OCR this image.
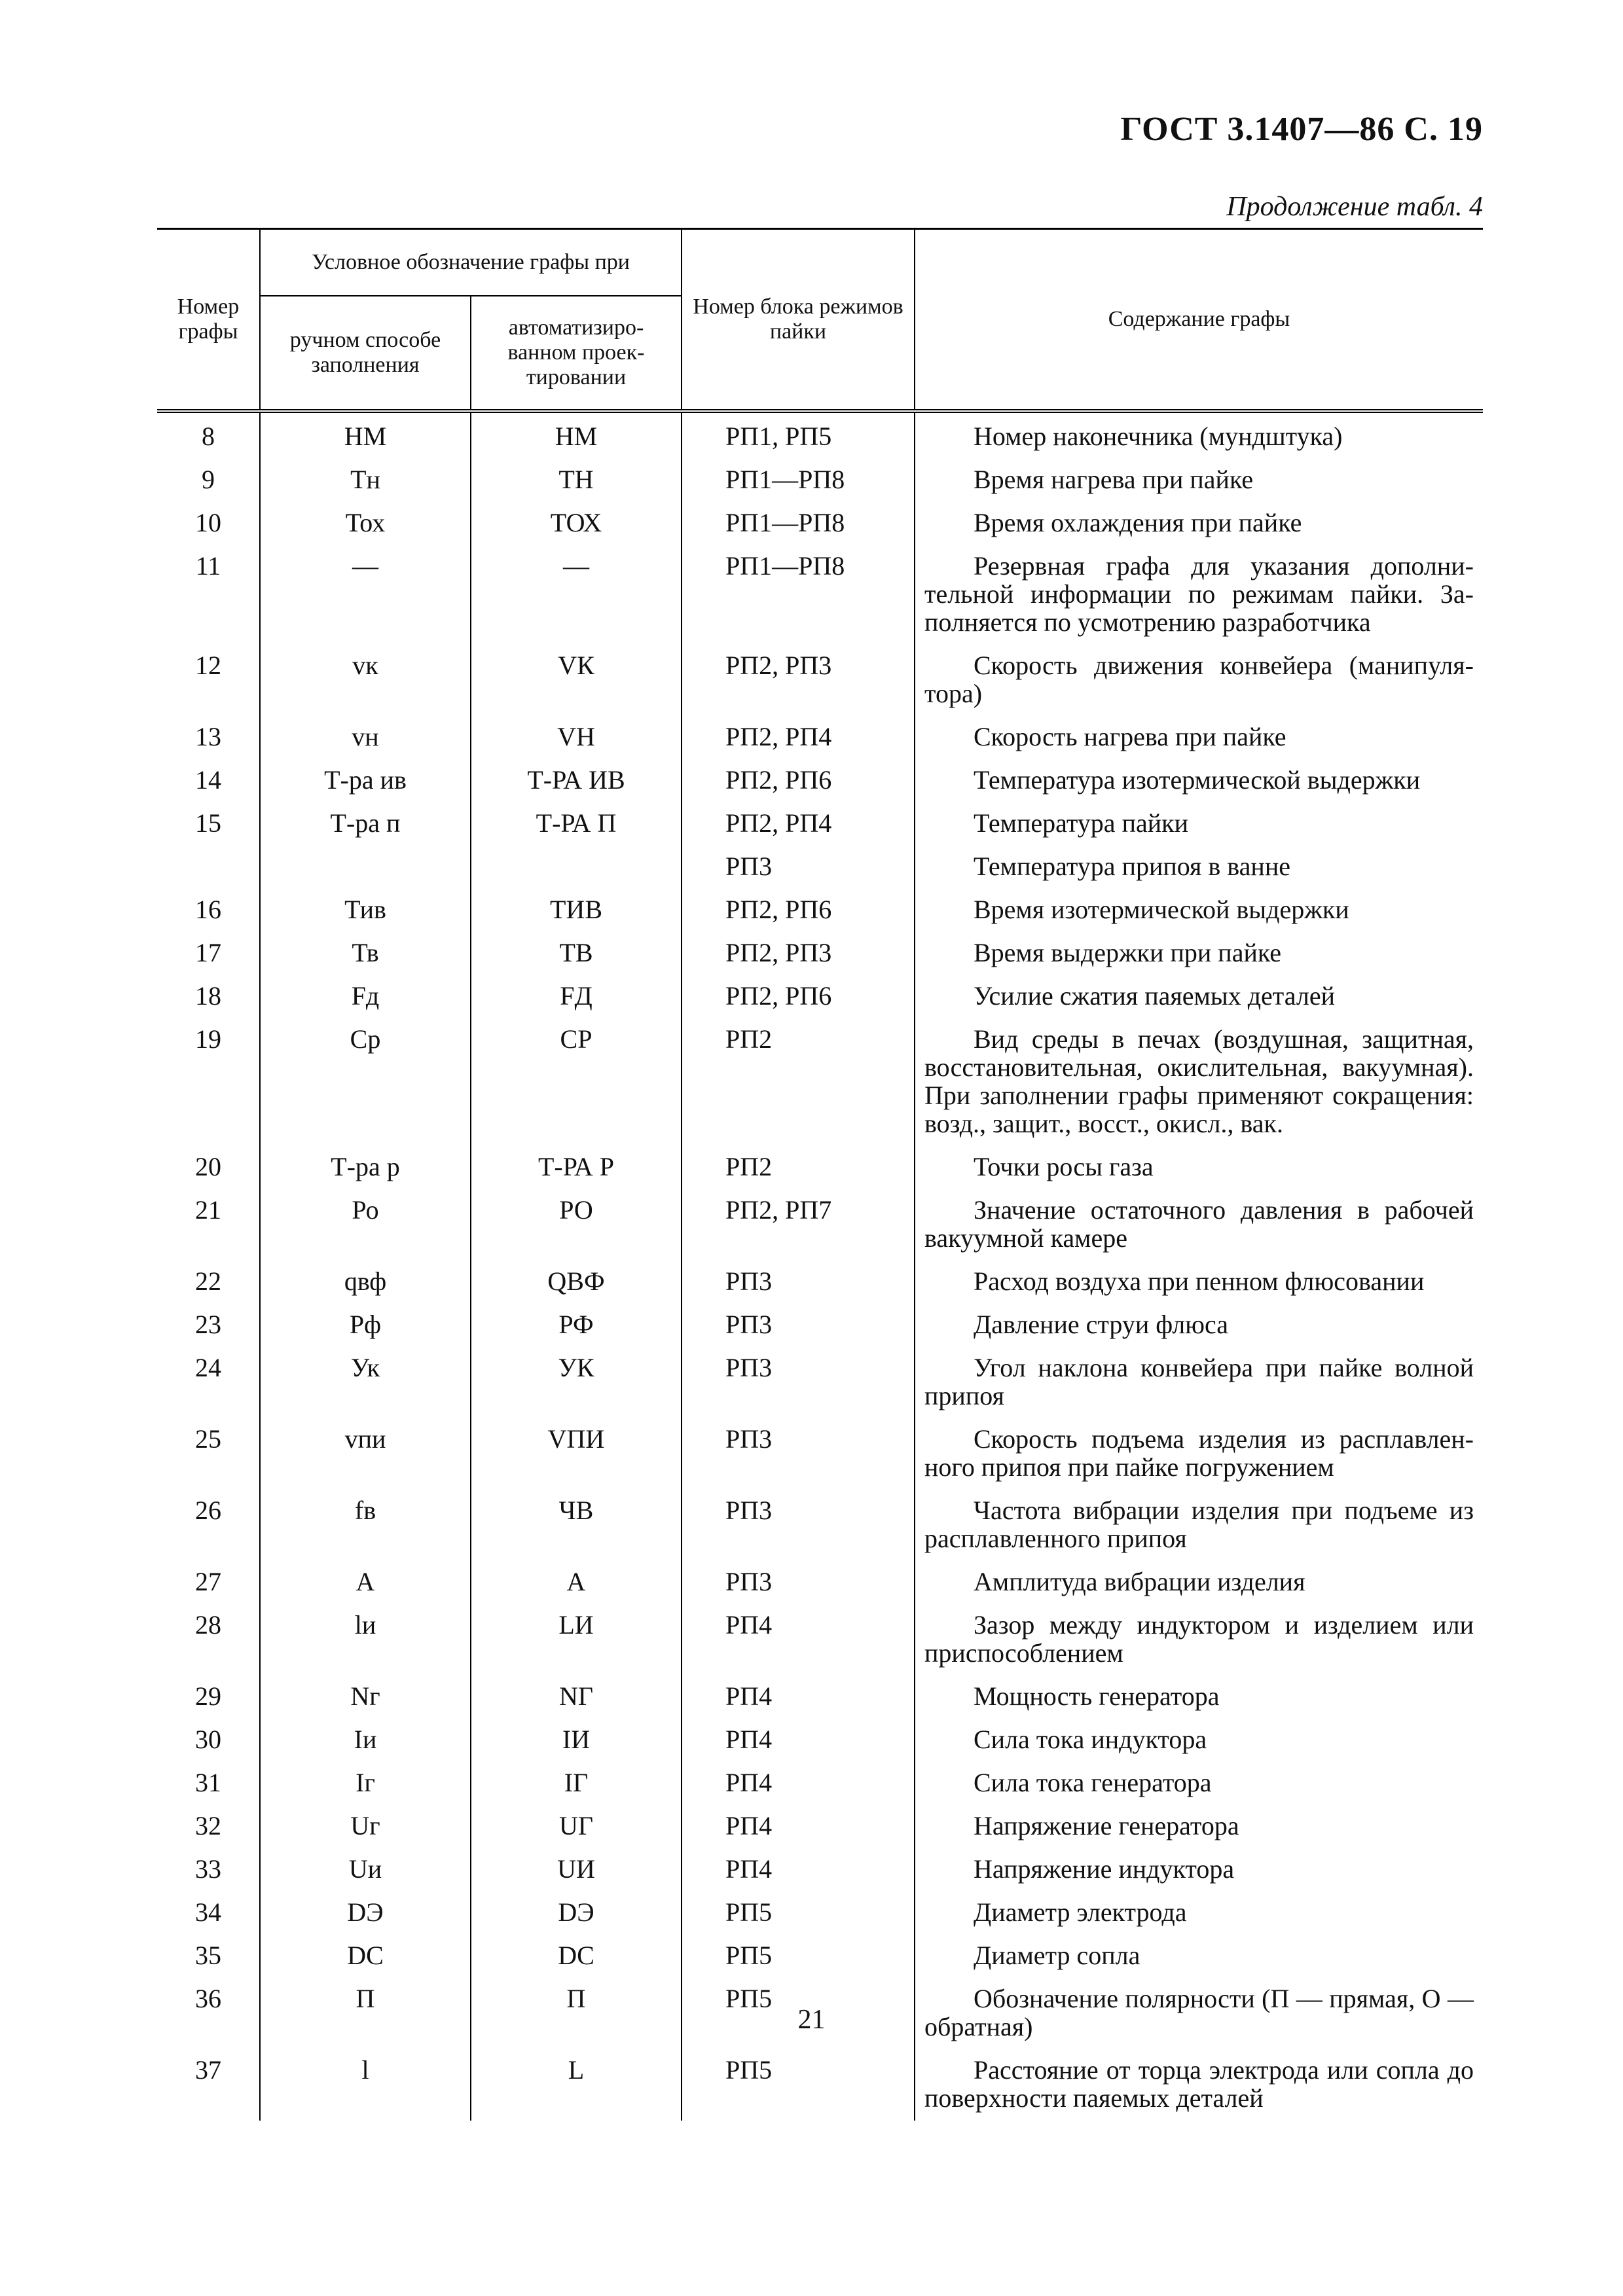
ГОСТ 3.1407—86 С. 19
Продолжение табл. 4
Номер графы	Условное обозначение графы при		Номер блока режимов пайки	Содержание графы
	ручном способе заполнения	автоматизированном проектировании		
8	НМ	НМ	РП1, РП5	Номер наконечника (мундштука)
9	Тн	ТН	РП1—РП8	Время нагрева при пайке
10	Тох	ТОХ	РП1—РП8	Время охлаждения при пайке
11	—	—	РП1—РП8	Резервная графа для указания дополнительной информации по режимам пайки. Заполняется по усмотрению разработчика
12	vк	VК	РП2, РП3	Скорость движения конвейера (манипулятора)
13	vн	VН	РП2, РП4	Скорость нагрева при пайке
14	Т-ра ив	Т-РА ИВ	РП2, РП6	Температура изотермической выдержки
15	Т-ра п	Т-РА П	РП2, РП4	Температура пайки
			РП3	Температура припоя в ванне
16	Тив	ТИВ	РП2, РП6	Время изотермической выдержки
17	Тв	ТВ	РП2, РП3	Время выдержки при пайке
18	Fд	FД	РП2, РП6	Усилие сжатия паяемых деталей
19	Ср	СР	РП2	Вид среды в печах (воздушная, защитная, восстановительная, окислительная, вакуумная). При заполнении графы применяют сокращения: возд., защит., восст., окисл., вак.
20	Т-ра р	Т-РА Р	РП2	Точки росы газа
21	Ро	РО	РП2, РП7	Значение остаточного давления в рабочей вакуумной камере
22	qвф	QВФ	РП3	Расход воздуха при пенном флюсовании
23	Рф	РФ	РП3	Давление струи флюса
24	Ук	УК	РП3	Угол наклона конвейера при пайке волной припоя
25	vпи	VПИ	РП3	Скорость подъема изделия из расплавленного припоя при пайке погружением
26	fв	ЧВ	РП3	Частота вибрации изделия при подъеме из расплавленного припоя
27	А	А	РП3	Амплитуда вибрации изделия
28	lи	LИ	РП4	Зазор между индуктором и изделием или приспособлением
29	Nг	NГ	РП4	Мощность генератора
30	Iи	IИ	РП4	Сила тока индуктора
31	Iг	IГ	РП4	Сила тока генератора
32	Uг	UГ	РП4	Напряжение генератора
33	Uи	UИ	РП4	Напряжение индуктора
34	DЭ	DЭ	РП5	Диаметр электрода
35	DС	DС	РП5	Диаметр сопла
36	П	П	РП5	Обозначение полярности (П — прямая, О — обратная)
37	l	L	РП5	Расстояние от торца электрода или сопла до поверхности паяемых деталей
21
